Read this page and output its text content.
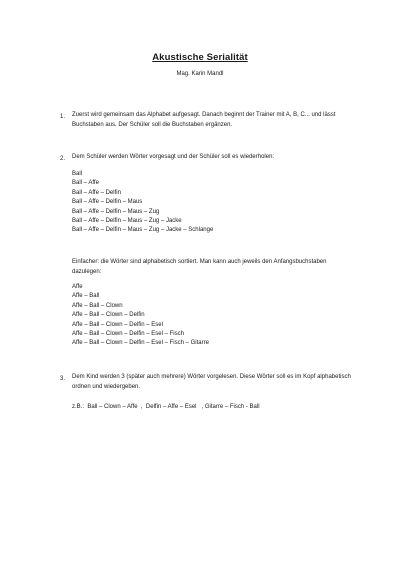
Akustische Serialität
Mag. Karin Mandl
1. Zuerst wird gemeinsam das Alphabet aufgesagt. Danach beginnt der Trainer mit A, B, C... und lässt Buchstaben aus. Der Schüler soll die Buchstaben ergänzen.
2. Dem Schüler werden Wörter vorgesagt und der Schüler soll es wiederholen:
Ball
Ball – Affe
Ball – Affe – Delfin
Ball – Affe – Delfin – Maus
Ball – Affe – Delfin – Maus – Zug
Ball – Affe – Delfin – Maus – Zug – Jacke
Ball – Affe – Delfin – Maus – Zug – Jacke – Schlange
Einfacher: die Wörter sind alphabetisch sortiert. Man kann auch jeweils den Anfangsbuchstaben dazulegen:
Affe
Affe – Ball
Affe – Ball – Clown
Affe – Ball – Clown – Delfin
Affe – Ball – Clown – Delfin – Esel
Affe – Ball – Clown – Delfin – Esel – Fisch
Affe – Ball – Clown – Delfin – Esel – Fisch – Gitarre
3. Dem Kind werden 3 (später auch mehrere) Wörter vorgelesen. Diese Wörter soll es im Kopf alphabetisch ordnen und wiedergeben.
z.B.:  Ball – Clown – Affe  ,  Delfin – Affe – Esel   , Gitarre – Fisch - Ball
